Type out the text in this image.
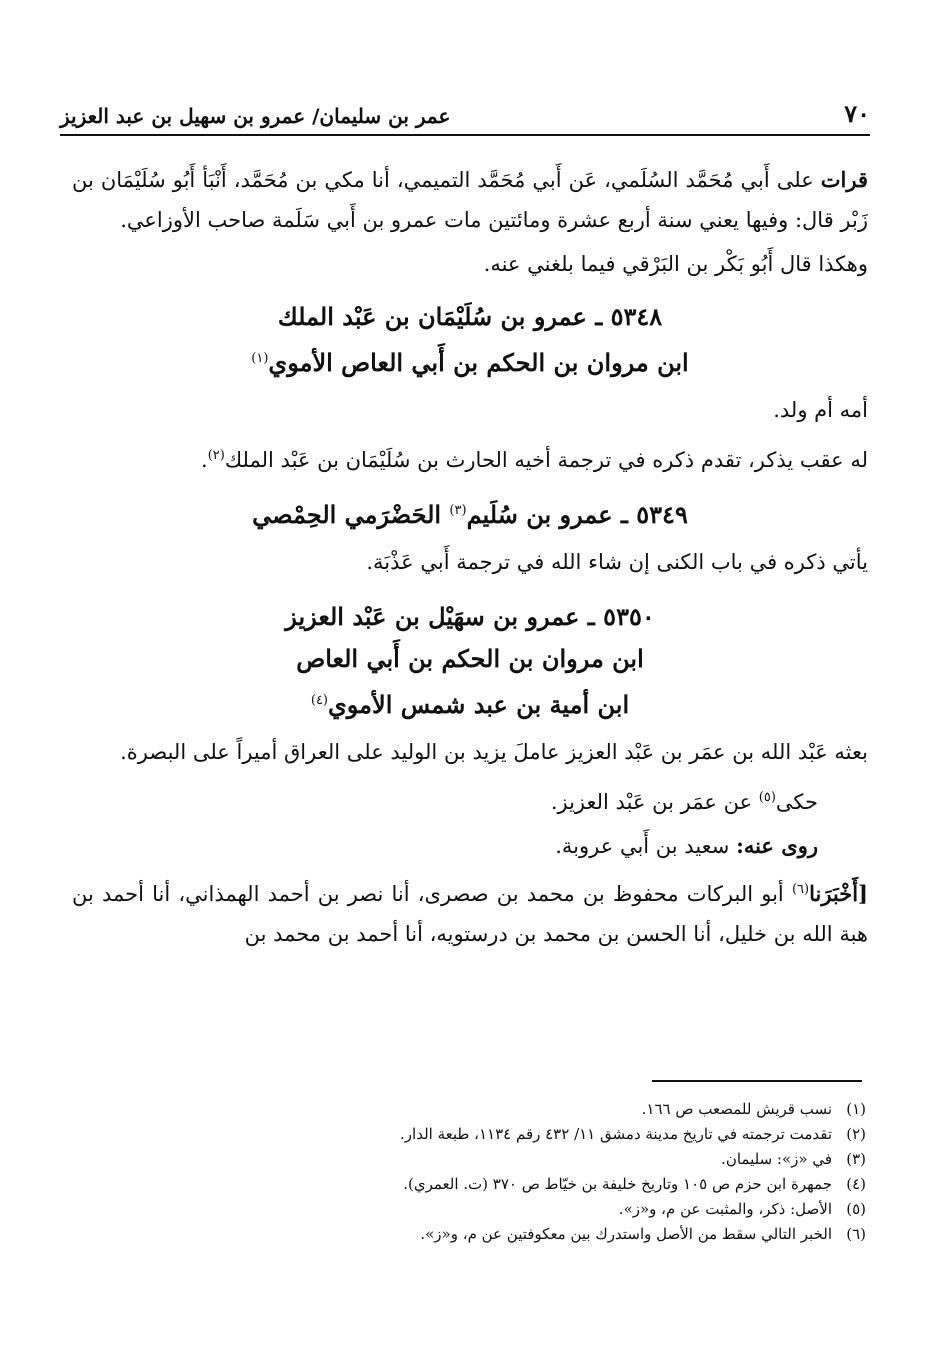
٧٠
عمر بن سليمان/ عمرو بن سهيل بن عبد العزيز

قرات على أَبي مُحَمَّد السُلَمي، عَن أَبي مُحَمَّد التميمي، أنا مكي بن مُحَمَّد، أَنْبَأ أَبُو سُلَيْمَان بن زَبْر قال: وفيها يعني سنة أربع عشرة ومائتين مات عمرو بن أَبي سَلَمة صاحب الأوزاعي.

وهكذا قال أَبُو بَكْر بن البَرْقي فيما بلغني عنه.

٥٣٤٨ ـ عمرو بن سُلَيْمَان بن عَبْد الملك
ابن مروان بن الحكم بن أَبي العاص الأموي$^{(١)}$

أمه أم ولد.

له عقب يذكر، تقدم ذكره في ترجمة أخيه الحارث بن سُلَيْمَان بن عَبْد الملك$^{(٢)}$.

٥٣٤٩ ـ عمرو بن سُلَيم$^{(٣)}$ الحَضْرَمي الحِمْصي

يأتي ذكره في باب الكنى إن شاء الله في ترجمة أَبي عَذْبَة.

٥٣٥٠ ـ عمرو بن سهَيْل بن عَبْد العزيز
ابن مروان بن الحكم بن أَبي العاص
ابن أمية بن عبد شمس الأموي$^{(٤)}$

بعثه عَبْد الله بن عمَر بن عَبْد العزيز عاملَ يزيد بن الوليد على العراق أميراً على البصرة.

حكى$^{(٥)}$ عن عمَر بن عَبْد العزيز.

روى عنه: سعيد بن أَبي عروبة.

[أَخْبَرَنا$^{(٦)}$ أبو البركات محفوظ بن محمد بن صصرى، أنا نصر بن أحمد الهمذاني، أنا أحمد بن هبة الله بن خليل، أنا الحسن بن محمد بن درستويه، أنا أحمد بن محمد بن

(١)
نسب قريش للمصعب ص ١٦٦.
(٢)
تقدمت ترجمته في تاريخ مدينة دمشق ١١/ ٤٣٢ رقم ١١٣٤، طبعة الدار.
(٣)
في «ز»: سليمان.
(٤)
جمهرة ابن حزم ص ١٠٥ وتاريخ خليفة بن خيّاط ص ٣٧٠ (ت. العمري).
(٥)
الأصل: ذكر، والمثبت عن م، و«ز».
(٦)
الخبر التالي سقط من الأصل واستدرك بين معكوفتين عن م، و«ز».
